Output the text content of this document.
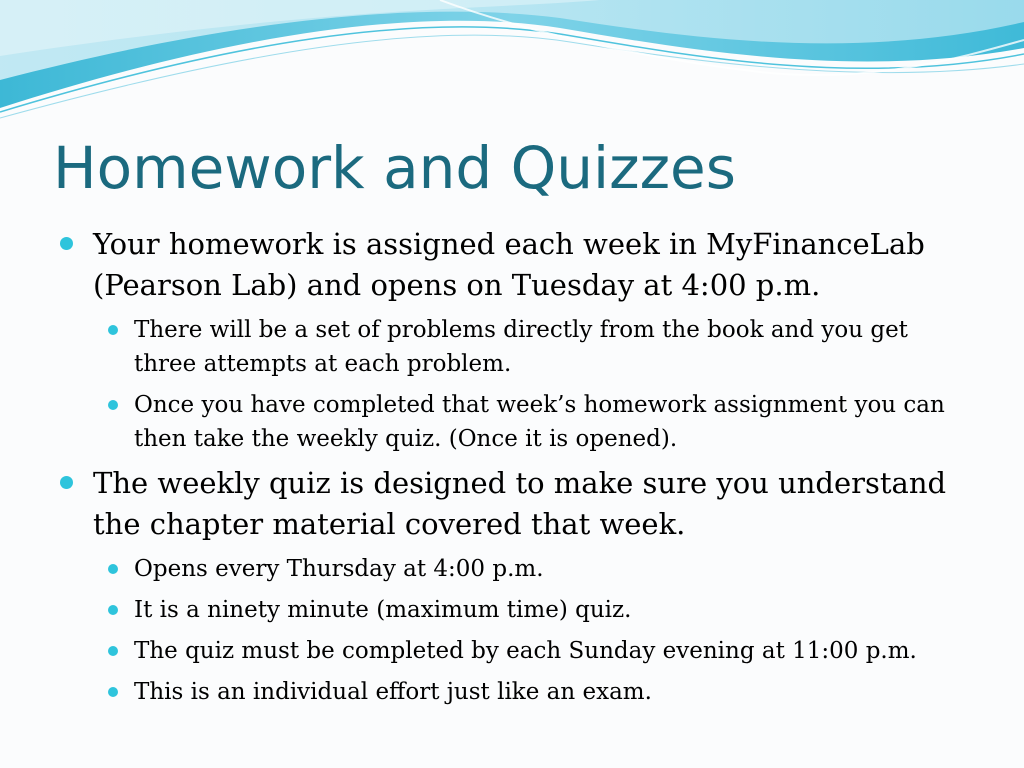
Homework and Quizzes
Your homework is assigned each week in MyFinanceLab (Pearson Lab) and opens on Tuesday at 4:00 p.m.
There will be a set of problems directly from the book and you get three attempts at each problem.
Once you have completed that week’s homework assignment you can then take the weekly quiz. (Once it is opened).
The weekly quiz is designed to make sure you understand the chapter material covered that week.
Opens every Thursday at 4:00 p.m.
It is a ninety minute (maximum time) quiz.
The quiz must be completed by each Sunday evening at 11:00 p.m.
This is an individual effort just like an exam.
